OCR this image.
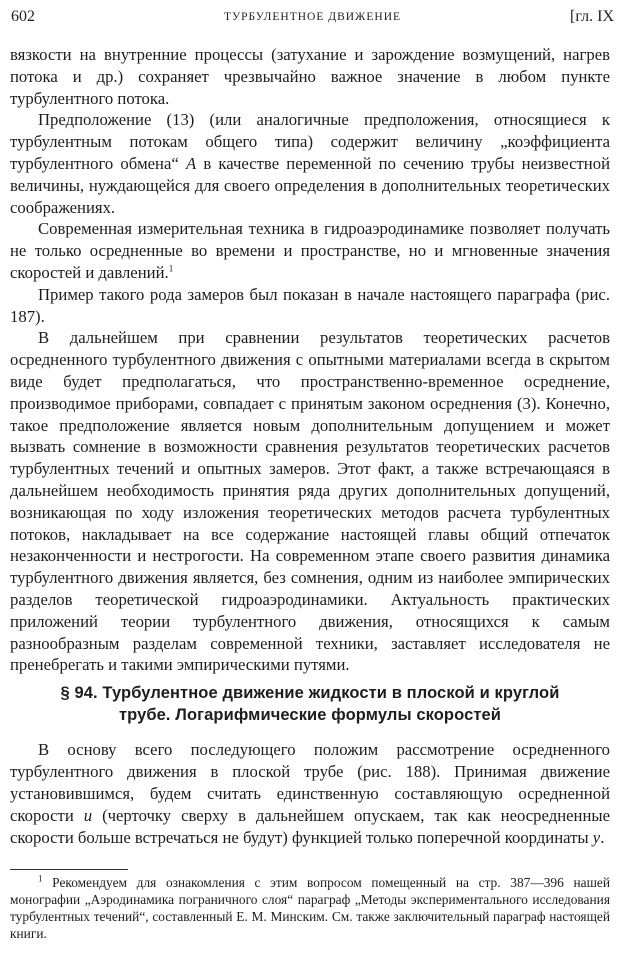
602	ТУРБУЛЕНТНОЕ ДВИЖЕНИЕ	[гл. IX

вязкости на внутренние процессы (затухание и зарождение возмущений, нагрев потока и др.) сохраняет чрезвычайно важное значение в любом пункте турбулентного потока.

Предположение (13) (или аналогичные предположения, относящиеся к турбулентным потокам общего типа) содержит величину „коэффициента турбулентного обмена“ A в качестве переменной по сечению трубы неизвестной величины, нуждающейся для своего определения в дополнительных теоретических соображениях.

Современная измерительная техника в гидроаэродинамике позволяет получать не только осредненные во времени и пространстве, но и мгновенные значения скоростей и давлений.$^1$

Пример такого рода замеров был показан в начале настоящего параграфа (рис. 187).

В дальнейшем при сравнении результатов теоретических расчетов осредненного турбулентного движения с опытными материалами всегда в скрытом виде будет предполагаться, что пространственно-временное осреднение, производимое приборами, совпадает с принятым законом осреднения (3). Конечно, такое предположение является новым дополнительным допущением и может вызвать сомнение в возможности сравнения результатов теоретических расчетов турбулентных течений и опытных замеров. Этот факт, а также встречающаяся в дальнейшем необходимость принятия ряда других дополнительных допущений, возникающая по ходу изложения теоретических методов расчета турбулентных потоков, накладывает на все содержание настоящей главы общий отпечаток незаконченности и нестрогости. На современном этапе своего развития динамика турбулентного движения является, без сомнения, одним из наиболее эмпирических разделов теоретической гидроаэродинамики. Актуальность практических приложений теории турбулентного движения, относящихся к самым разнообразным разделам современной техники, заставляет исследователя не пренебрегать и такими эмпирическими путями.

§ 94. Турбулентное движение жидкости в плоской и круглой
трубе. Логарифмические формулы скоростей

В основу всего последующего положим рассмотрение осредненного турбулентного движения в плоской трубе (рис. 188). Принимая движение установившимся, будем считать единственную составляющую осредненной скорости u (черточку сверху в дальнейшем опускаем, так как неосредненные скорости больше встречаться не будут) функцией только поперечной координаты y.

$^1$ Рекомендуем для ознакомления с этим вопросом помещенный на стр. 387—396 нашей монографии „Аэродинамика пограничного слоя“ параграф „Методы экспериментального исследования турбулентных течений“, составленный Е. М. Минским. См. также заключительный параграф настоящей книги.
